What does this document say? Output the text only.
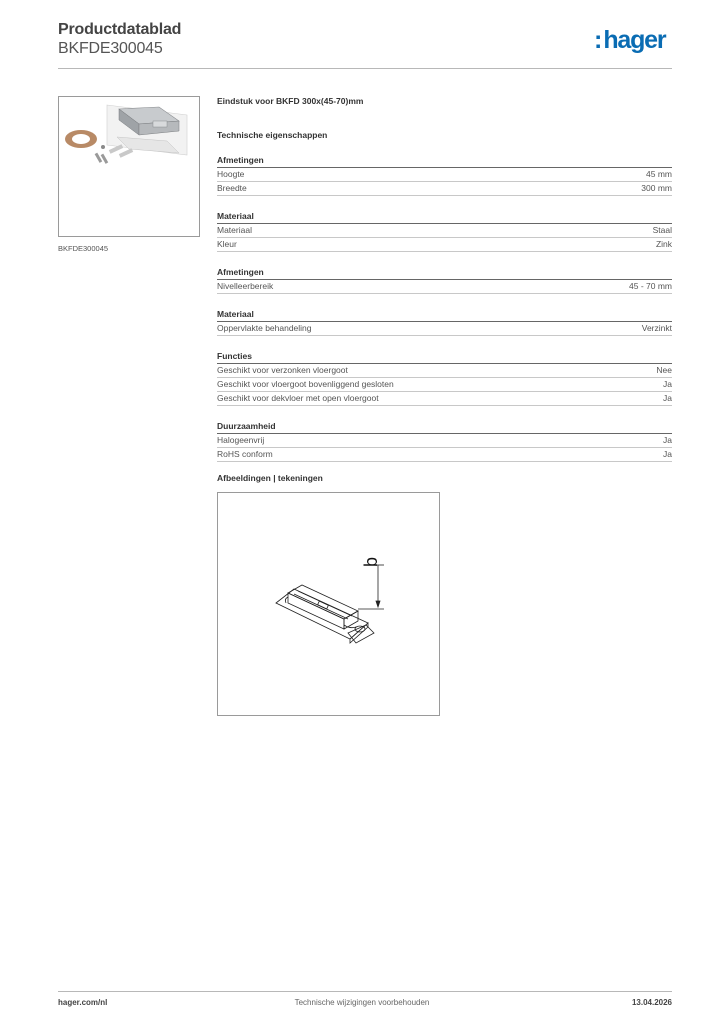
Productdatablad
BKFDE300045	:hager
BKFDE300045
Eindstuk voor BKFD 300x(45-70)mm
Technische eigenschappen
Afmetingen
Hoogte	45 mm
Breedte	300 mm
Materiaal
Materiaal	Staal
Kleur	Zink
Afmetingen
Nivelleerbereik	45 - 70 mm
Materiaal
Oppervlakte behandeling	Verzinkt
Functies
Geschikt voor verzonken vloergoot	Nee
Geschikt voor vloergoot bovenliggend gesloten	Ja
Geschikt voor dekvloer met open vloergoot	Ja
Duurzaamheid
Halogeenvrij	Ja
RoHS conform	Ja
Afbeeldingen | tekeningen
b
hager.com/nl	Technische wijzigingen voorbehouden	13.04.2026
